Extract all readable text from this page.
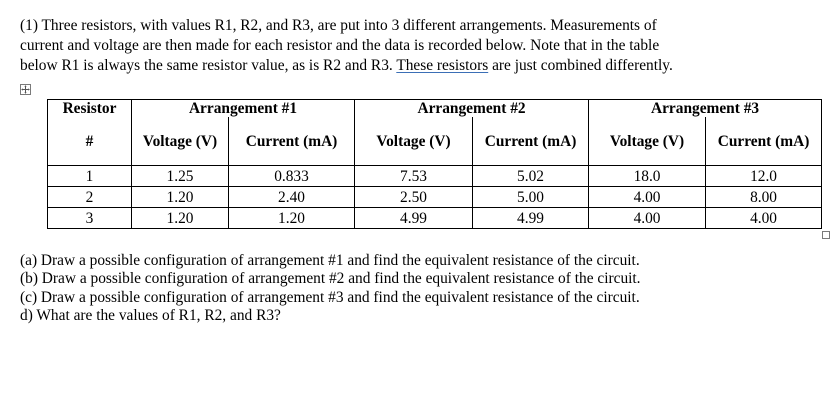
(1) Three resistors, with values R1, R2, and R3, are put into 3 different arrangements. Measurements of
current and voltage are then made for each resistor and the data is recorded below. Note that in the table
below R1 is always the same resistor value, as is R2 and R3. These resistors are just combined differently.
Resistor	Arrangement #1		Arrangement #2		Arrangement #3	

#	Voltage (V)	Current (mA)	Voltage (V)	Current (mA)	Voltage (V)	Current (mA)
1	1.25	0.833	7.53	5.02	18.0	12.0
2	1.20	2.40	2.50	5.00	4.00	8.00
3	1.20	1.20	4.99	4.99	4.00	4.00
(a) Draw a possible configuration of arrangement #1 and find the equivalent resistance of the circuit.
(b) Draw a possible configuration of arrangement #2 and find the equivalent resistance of the circuit.
(c) Draw a possible configuration of arrangement #3 and find the equivalent resistance of the circuit.
d) What are the values of R1, R2, and R3?
